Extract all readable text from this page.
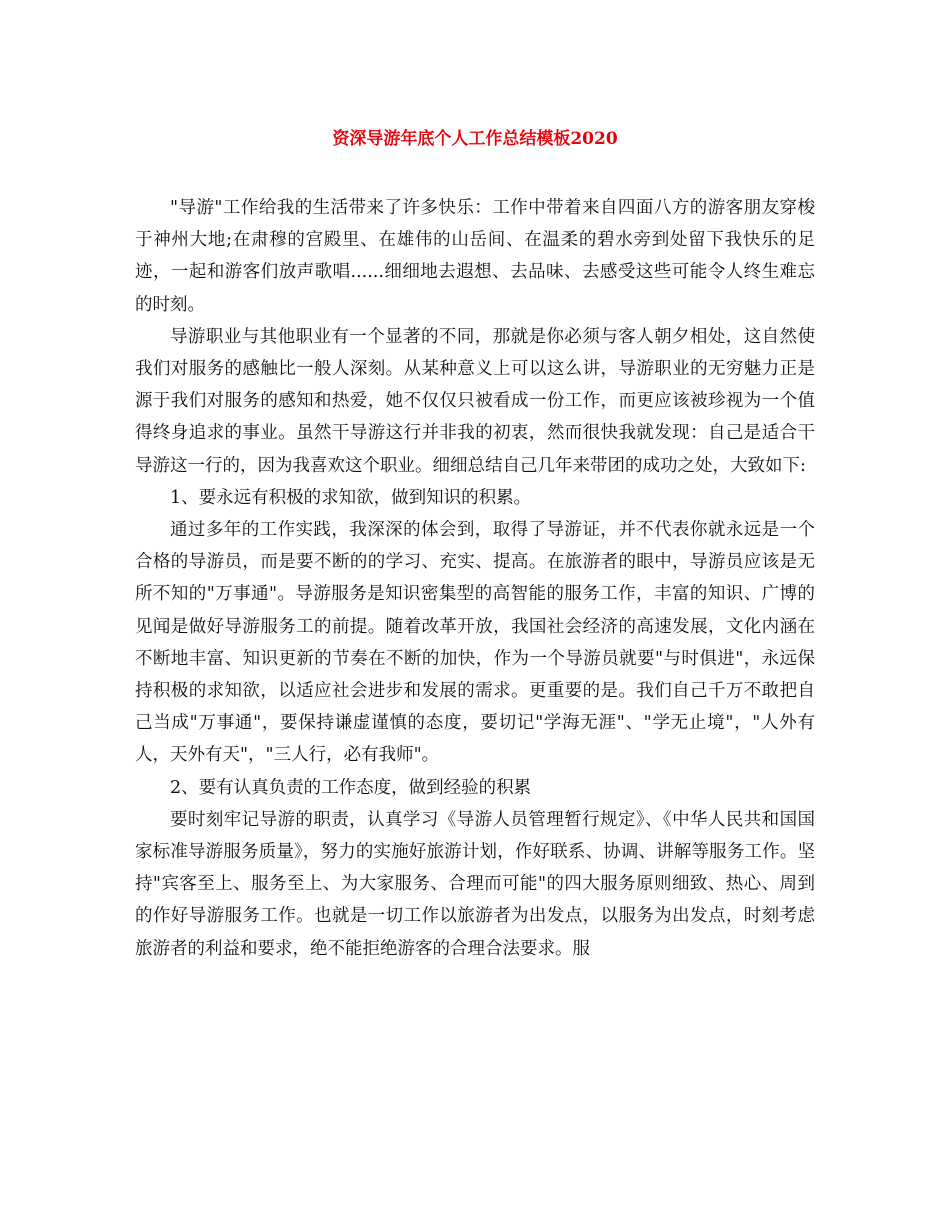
资深导游年底个人工作总结模板2020

"导游"工作给我的生活带来了许多快乐：工作中带着来自四面八方的游客朋友穿梭于神州大地;在肃穆的宫殿里、在雄伟的山岳间、在温柔的碧水旁到处留下我快乐的足迹，一起和游客们放声歌唱......细细地去遐想、去品味、去感受这些可能令人终生难忘的时刻。

导游职业与其他职业有一个显著的不同，那就是你必须与客人朝夕相处，这自然使我们对服务的感触比一般人深刻。从某种意义上可以这么讲，导游职业的无穷魅力正是源于我们对服务的感知和热爱，她不仅仅只被看成一份工作，而更应该被珍视为一个值得终身追求的事业。虽然干导游这行并非我的初衷，然而很快我就发现：自己是适合干导游这一行的，因为我喜欢这个职业。细细总结自己几年来带团的成功之处，大致如下:

1、要永远有积极的求知欲，做到知识的积累。

通过多年的工作实践，我深深的体会到，取得了导游证，并不代表你就永远是一个合格的导游员，而是要不断的的学习、充实、提高。在旅游者的眼中，导游员应该是无所不知的"万事通"。导游服务是知识密集型的高智能的服务工作，丰富的知识、广博的见闻是做好导游服务工的前提。随着改革开放，我国社会经济的高速发展，文化内涵在不断地丰富、知识更新的节奏在不断的加快，作为一个导游员就要"与时俱进"，永远保持积极的求知欲，以适应社会进步和发展的需求。更重要的是。我们自己千万不敢把自己当成"万事通"，要保持谦虚谨慎的态度，要切记"学海无涯"、"学无止境"，"人外有人，天外有天"，"三人行，必有我师"。

2、要有认真负责的工作态度，做到经验的积累

要时刻牢记导游的职责，认真学习《导游人员管理暂行规定》、《中华人民共和国国家标准导游服务质量》，努力的实施好旅游计划，作好联系、协调、讲解等服务工作。坚持"宾客至上、服务至上、为大家服务、合理而可能"的四大服务原则细致、热心、周到的作好导游服务工作。也就是一切工作以旅游者为出发点，以服务为出发点，时刻考虑旅游者的利益和要求，绝不能拒绝游客的合理合法要求。服
